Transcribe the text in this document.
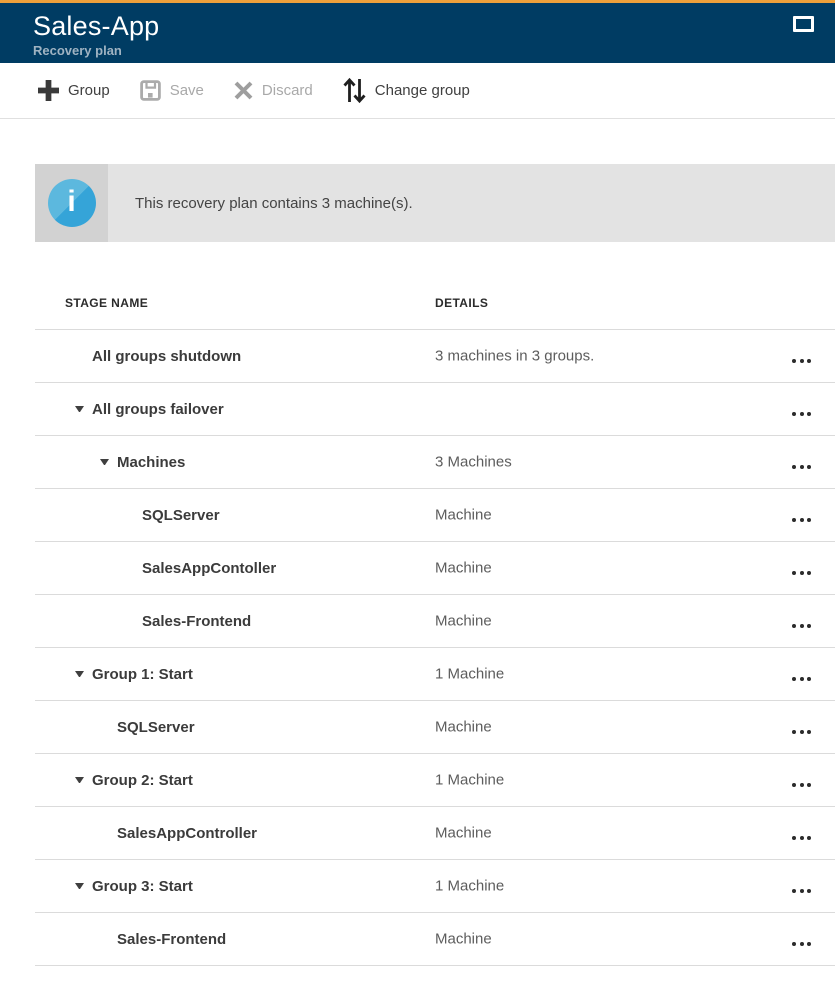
Sales-App
Recovery plan
Group	Save	Discard	Change group
i	This recovery plan contains 3 machine(s).
STAGE NAME	DETAILS
All groups shutdown	3 machines in 3 groups.
All groups failover
Machines	3 Machines
SQLServer	Machine
SalesAppContoller	Machine
Sales-Frontend	Machine
Group 1: Start	1 Machine
SQLServer	Machine
Group 2: Start	1 Machine
SalesAppController	Machine
Group 3: Start	1 Machine
Sales-Frontend	Machine
